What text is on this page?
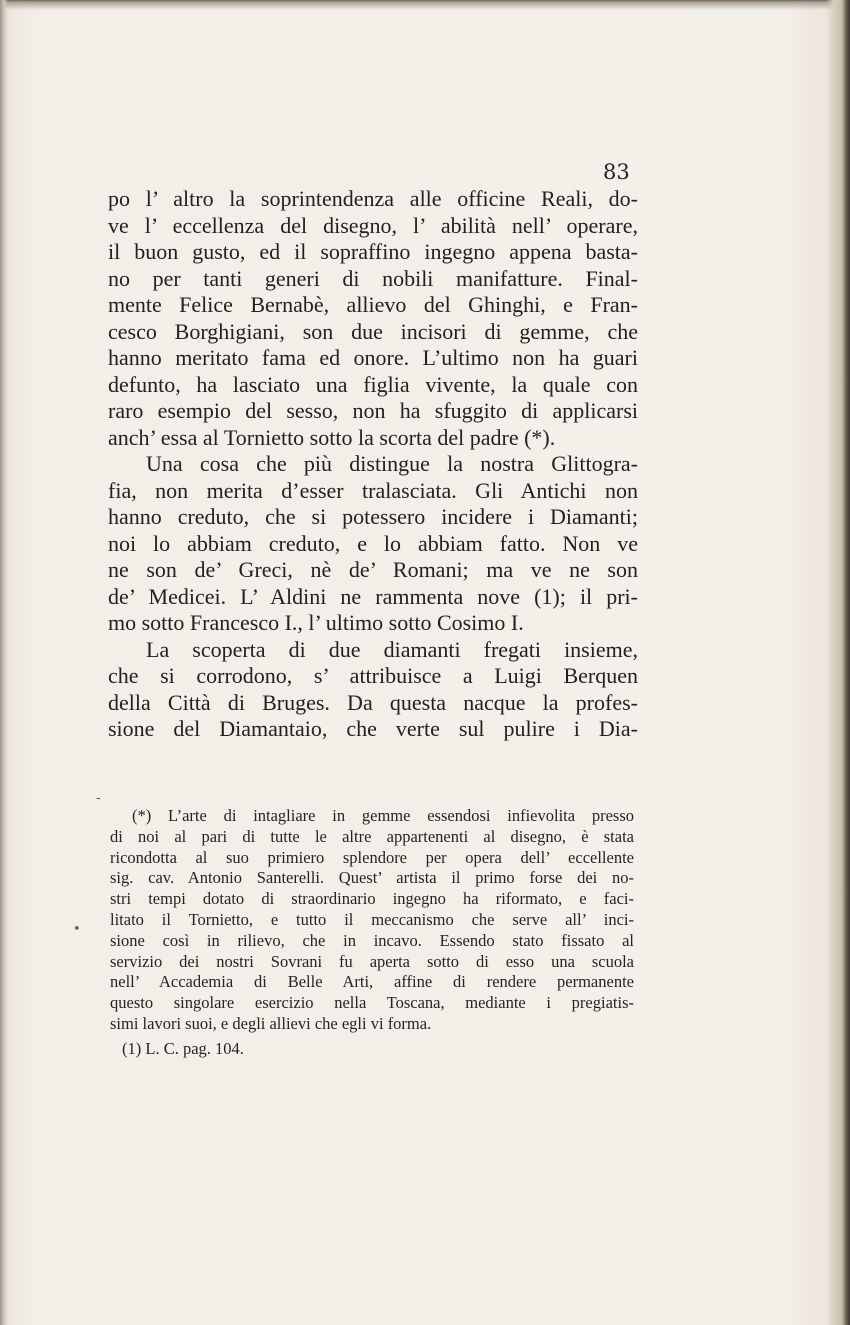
83
po l’ altro la soprintendenza alle officine Reali, do-
ve l’ eccellenza del disegno, l’ abilità nell’ operare,
il buon gusto, ed il sopraffino ingegno appena basta-
no per tanti generi di nobili manifatture. Final-
mente Felice Bernabè, allievo del Ghinghi, e Fran-
cesco Borghigiani, son due incisori di gemme, che
hanno meritato fama ed onore. L’ultimo non ha guari
defunto, ha lasciato una figlia vivente, la quale con
raro esempio del sesso, non ha sfuggito di applicarsi
anch’ essa al Tornietto sotto la scorta del padre (*).
Una cosa che più distingue la nostra Glittogra-
fia, non merita d’esser tralasciata. Gli Antichi non
hanno creduto, che si potessero incidere i Diamanti;
noi lo abbiam creduto, e lo abbiam fatto. Non ve
ne son de’ Greci, nè de’ Romani; ma ve ne son
de’ Medicei. L’ Aldini ne rammenta nove (1); il pri-
mo sotto Francesco I., l’ ultimo sotto Cosimo I.
La scoperta di due diamanti fregati insieme,
che si corrodono, s’ attribuisce a Luigi Berquen
della Città di Bruges. Da questa nacque la profes-
sione del Diamantaio, che verte sul pulire i Dia-
-
•
(*) L’arte di intagliare in gemme essendosi infievolita presso
di noi al pari di tutte le altre appartenenti al disegno, è stata
ricondotta al suo primiero splendore per opera dell’ eccellente
sig. cav. Antonio Santerelli. Quest’ artista il primo forse dei no-
stri tempi dotato di straordinario ingegno ha riformato, e faci-
litato il Tornietto, e tutto il meccanismo che serve all’ inci-
sione così in rilievo, che in incavo. Essendo stato fissato al
servizio dei nostri Sovrani fu aperta sotto di esso una scuola
nell’ Accademia di Belle Arti, affine di rendere permanente
questo singolare esercizio nella Toscana, mediante i pregiatis-
simi lavori suoi, e degli allievi che egli vi forma.
(1) L. C. pag. 104.
